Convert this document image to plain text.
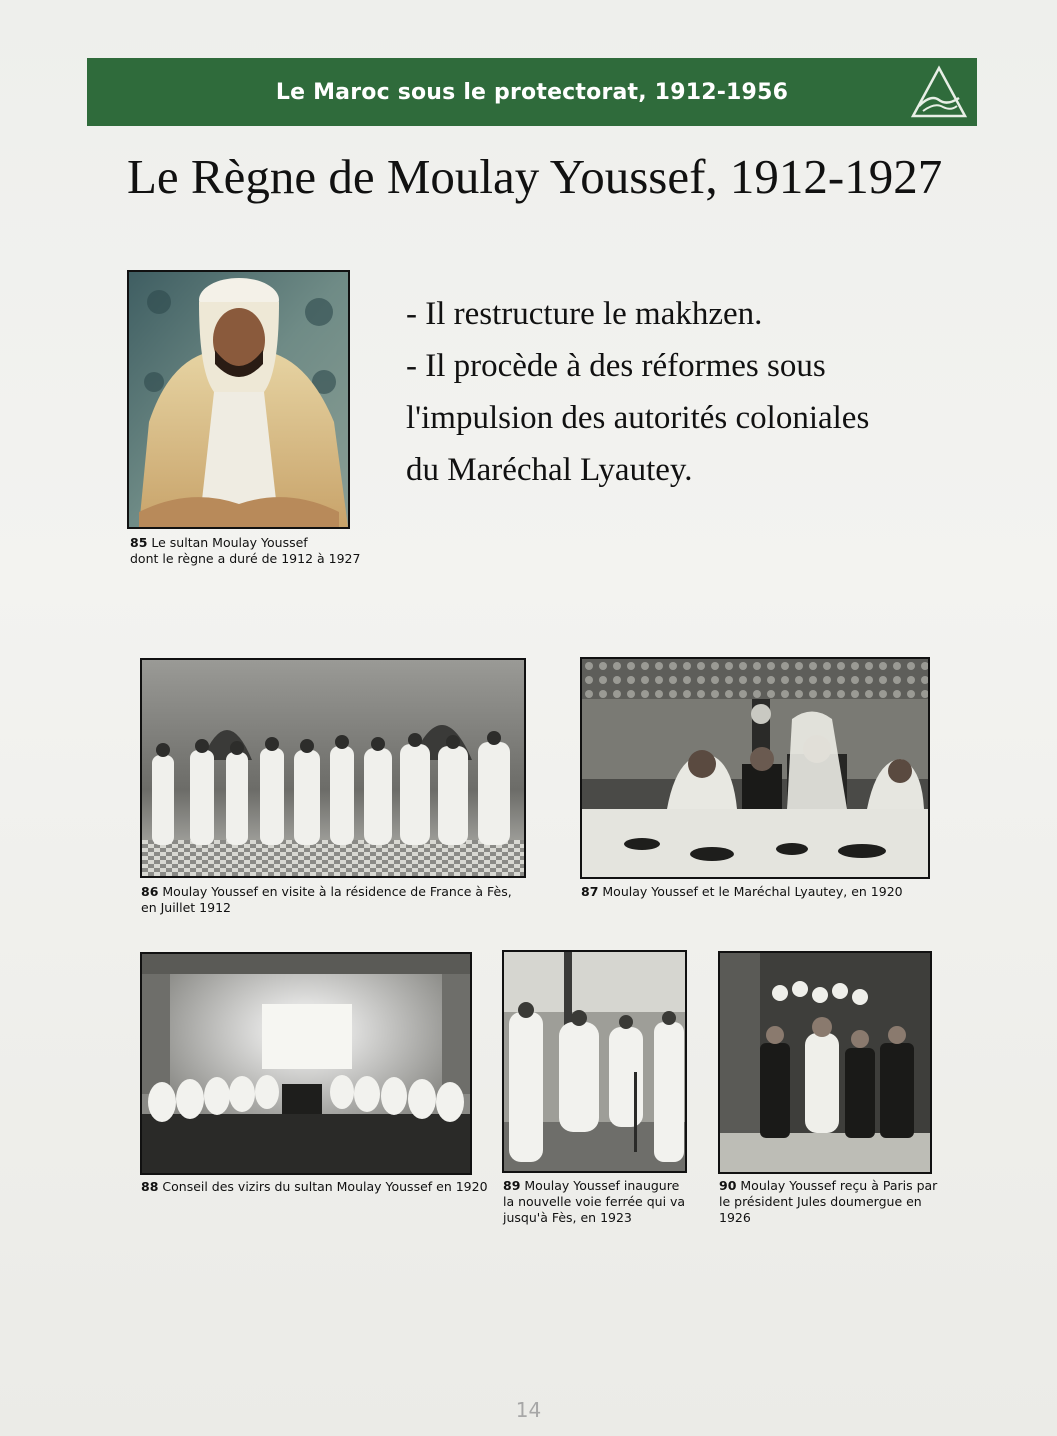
Le Maroc sous le protectorat, 1912-1956
Le Règne de Moulay Youssef, 1912-1927
85 Le sultan Moulay Youssef
dont le règne a duré de 1912 à 1927
- Il restructure le makhzen.
- Il procède à des réformes sous
l'impulsion des autorités coloniales
du Maréchal Lyautey.
86 Moulay Youssef en visite à la résidence de France à Fès,
en Juillet 1912
87 Moulay Youssef et le Maréchal Lyautey, en 1920
88 Conseil des vizirs du sultan Moulay Youssef en 1920	89 Moulay Youssef inaugure
la nouvelle voie ferrée qui va
jusqu'à Fès, en 1923
90 Moulay Youssef reçu à Paris par
le président Jules doumergue en 1926
14
